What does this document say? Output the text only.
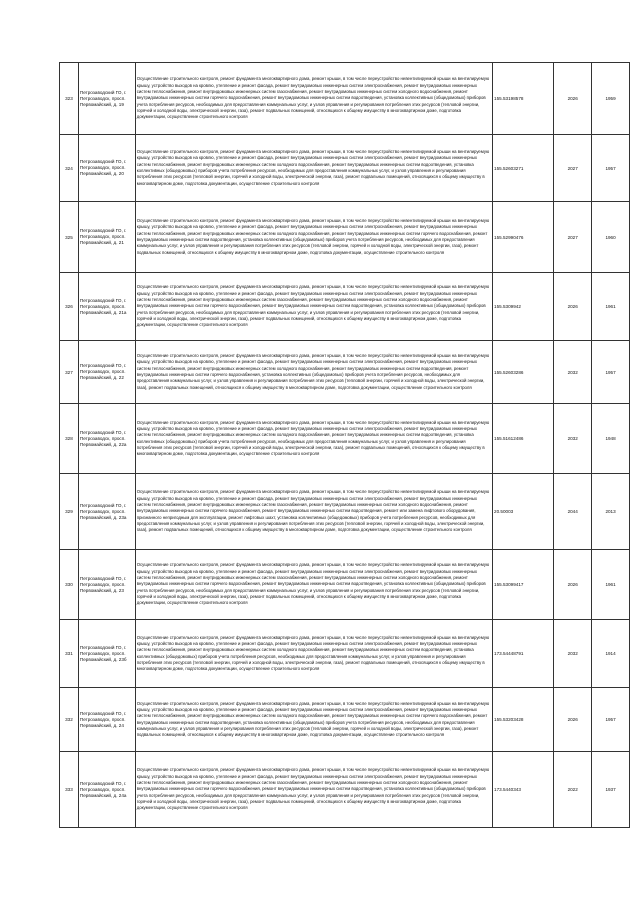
323	Петрозаводский ГО, г. Петрозаводск, просп. Первомайский, д. 19	Осуществление строительного контроля, ремонт фундамента многоквартирного дома, ремонт крыши, в том числе переустройство невентилируемой крыши на вентилируемую крышу, устройство выходов на кровлю, утепление и ремонт фасада, ремонт внутридомовых инженерных систем электроснабжения, ремонт внутридомовых инженерных систем теплоснабжения, ремонт внутридомовых инженерных систем газоснабжения, ремонт внутридомовых инженерных систем холодного водоснабжения, ремонт внутридомовых инженерных систем горячего водоснабжения, ремонт внутридомовых инженерных систем водоотведения, установка коллективных (общедомовых) приборов учета потребления ресурсов, необходимых для предоставления коммунальных услуг, и узлов управления и регулирования потребления этих ресурсов (тепловой энергии, горячей и холодной воды, электрической энергии, газа), ремонт подвальных помещений, относящихся к общему имуществу в многоквартирном доме, подготовка документации, осуществление строительного контроля	155.53198578	2026	1959
324	Петрозаводский ГО, г. Петрозаводск, просп. Первомайский, д. 20	Осуществление строительного контроля, ремонт фундамента многоквартирного дома, ремонт крыши, в том числе переустройство невентилируемой крыши на вентилируемую крышу, устройство выходов на кровлю, утепление и ремонт фасада, ремонт внутридомовых инженерных систем электроснабжения, ремонт внутридомовых инженерных систем теплоснабжения, ремонт внутридомовых инженерных систем холодного водоснабжения, ремонт внутридомовых инженерных систем водоотведения, установка коллективных (общедомовых) приборов учета потребления ресурсов, необходимых для предоставления коммунальных услуг, и узлов управления и регулирования потребления этих ресурсов (тепловой энергии, горячей и холодной воды, электрической энергии, газа), ремонт подвальных помещений, относящихся к общему имуществу в многоквартирном доме, подготовка документации, осуществление строительного контроля	155.52603271	2027	1957
325	Петрозаводский ГО, г. Петрозаводск, просп. Первомайский, д. 21	Осуществление строительного контроля, ремонт фундамента многоквартирного дома, ремонт крыши, в том числе переустройство невентилируемой крыши на вентилируемую крышу, устройство выходов на кровлю, утепление и ремонт фасада, ремонт внутридомовых инженерных систем электроснабжения, ремонт внутридомовых инженерных систем теплоснабжения, ремонт внутридомовых инженерных систем холодного водоснабжения, ремонт внутридомовых инженерных систем горячего водоснабжения, ремонт внутридомовых инженерных систем водоотведения, установка коллективных (общедомовых) приборов учета потребления ресурсов, необходимых для предоставления коммунальных услуг, и узлов управления и регулирования потребления этих ресурсов (тепловой энергии, горячей и холодной воды, электрической энергии, газа), ремонт подвальных помещений, относящихся к общему имуществу в многоквартирном доме, подготовка документации, осуществление строительного контроля	155.52990476	2027	1960
326	Петрозаводский ГО, г. Петрозаводск, просп. Первомайский, д. 21а	Осуществление строительного контроля, ремонт фундамента многоквартирного дома, ремонт крыши, в том числе переустройство невентилируемой крыши на вентилируемую крышу, устройство выходов на кровлю, утепление и ремонт фасада, ремонт внутридомовых инженерных систем электроснабжения, ремонт внутридомовых инженерных систем теплоснабжения, ремонт внутридомовых инженерных систем газоснабжения, ремонт внутридомовых инженерных систем холодного водоснабжения, ремонт внутридомовых инженерных систем горячего водоснабжения, ремонт внутридомовых инженерных систем водоотведения, установка коллективных (общедомовых) приборов учета потребления ресурсов, необходимых для предоставления коммунальных услуг, и узлов управления и регулирования потребления этих ресурсов (тепловой энергии, горячей и холодной воды, электрической энергии, газа), ремонт подвальных помещений, относящихся к общему имуществу в многоквартирном доме, подготовка документации, осуществление строительного контроля	155.5309942	2026	1961
327	Петрозаводский ГО, г. Петрозаводск, просп. Первомайский, д. 22	Осуществление строительного контроля, ремонт фундамента многоквартирного дома, ремонт крыши, в том числе переустройство невентилируемой крыши на вентилируемую крышу, устройство выходов на кровлю, утепление и ремонт фасада, ремонт внутридомовых инженерных систем электроснабжения, ремонт внутридомовых инженерных систем теплоснабжения, ремонт внутридомовых инженерных систем холодного водоснабжения, ремонт внутридомовых инженерных систем водоотведения, ремонт внутридомовых инженерных систем горячего водоснабжения, установка коллективных (общедомовых) приборов учета потребления ресурсов, необходимых для предоставления коммунальных услуг, и узлов управления и регулирования потребления этих ресурсов (тепловой энергии, горячей и холодной воды, электрической энергии, газа), ремонт подвальных помещений, относящихся к общему имуществу в многоквартирном доме, подготовка документации, осуществление строительного контроля	155.52603286	2032	1957
328	Петрозаводский ГО, г. Петрозаводск, просп. Первомайский, д. 22а	Осуществление строительного контроля, ремонт фундамента многоквартирного дома, ремонт крыши, в том числе переустройство невентилируемой крыши на вентилируемую крышу, устройство выходов на кровлю, утепление и ремонт фасада, ремонт внутридомовых инженерных систем электроснабжения, ремонт внутридомовых инженерных систем теплоснабжения, ремонт внутридомовых инженерных систем холодного водоснабжения, ремонт внутридомовых инженерных систем водоотведения, установка коллективных (общедомовых) приборов учета потребления ресурсов, необходимых для предоставления коммунальных услуг, и узлов управления и регулирования потребления этих ресурсов (тепловой энергии, горячей и холодной воды, электрической энергии, газа), ремонт подвальных помещений, относящихся к общему имуществу в многоквартирном доме, подготовка документации, осуществление строительного контроля	155.51612486	2032	1948
329	Петрозаводский ГО, г. Петрозаводск, просп. Первомайский, д. 23а	Осуществление строительного контроля, ремонт фундамента многоквартирного дома, ремонт крыши, в том числе переустройство невентилируемой крыши на вентилируемую крышу, устройство выходов на кровлю, утепление и ремонт фасада, ремонт внутридомовых инженерных систем электроснабжения, ремонт внутридомовых инженерных систем теплоснабжения, ремонт внутридомовых инженерных систем газоснабжения, ремонт внутридомовых инженерных систем холодного водоснабжения, ремонт внутридомовых инженерных систем горячего водоснабжения, ремонт внутридомовых инженерных систем водоотведения, ремонт или замена лифтового оборудования, признанного непригодным для эксплуатации, ремонт лифтовых шахт, установка коллективных (общедомовых) приборов учета потребления ресурсов, необходимых для предоставления коммунальных услуг, и узлов управления и регулирования потребления этих ресурсов (тепловой энергии, горячей и холодной воды, электрической энергии, газа), ремонт подвальных помещений, относящихся к общему имуществу в многоквартирном доме, подготовка документации, осуществление строительного контроля	20.50003	2044	2013
330	Петрозаводский ГО, г. Петрозаводск, просп. Первомайский, д. 23	Осуществление строительного контроля, ремонт фундамента многоквартирного дома, ремонт крыши, в том числе переустройство невентилируемой крыши на вентилируемую крышу, устройство выходов на кровлю, утепление и ремонт фасада, ремонт внутридомовых инженерных систем электроснабжения, ремонт внутридомовых инженерных систем теплоснабжения, ремонт внутридомовых инженерных систем газоснабжения, ремонт внутридомовых инженерных систем холодного водоснабжения, ремонт внутридомовых инженерных систем горячего водоснабжения, ремонт внутридомовых инженерных систем водоотведения, установка коллективных (общедомовых) приборов учета потребления ресурсов, необходимых для предоставления коммунальных услуг, и узлов управления и регулирования потребления этих ресурсов (тепловой энергии, горячей и холодной воды, электрической энергии, газа), ремонт подвальных помещений, относящихся к общему имуществу в многоквартирном доме, подготовка документации, осуществление строительного контроля	155.53099417	2026	1961
331	Петрозаводский ГО, г. Петрозаводск, просп. Первомайский, д. 23б	Осуществление строительного контроля, ремонт фундамента многоквартирного дома, ремонт крыши, в том числе переустройство невентилируемой крыши на вентилируемую крышу, устройство выходов на кровлю, утепление и ремонт фасада, ремонт внутридомовых инженерных систем электроснабжения, ремонт внутридомовых инженерных систем теплоснабжения, ремонт внутридомовых инженерных систем холодного водоснабжения, ремонт внутридомовых инженерных систем водоотведения, установка коллективных (общедомовых) приборов учета потребления ресурсов, необходимых для предоставления коммунальных услуг, и узлов управления и регулирования потребления этих ресурсов (тепловой энергии, горячей и холодной воды, электрической энергии, газа), ремонт подвальных помещений, относящихся к общему имуществу в многоквартирном доме, подготовка документации, осуществление строительного контроля	173.54448791	2032	1914
332	Петрозаводский ГО, г. Петрозаводск, просп. Первомайский, д. 24	Осуществление строительного контроля, ремонт фундамента многоквартирного дома, ремонт крыши, в том числе переустройство невентилируемой крыши на вентилируемую крышу, устройство выходов на кровлю, утепление и ремонт фасада, ремонт внутридомовых инженерных систем электроснабжения, ремонт внутридомовых инженерных систем теплоснабжения, ремонт внутридомовых инженерных систем холодного водоснабжения, ремонт внутридомовых инженерных систем горячего водоснабжения, ремонт внутридомовых инженерных систем водоотведения, установка коллективных (общедомовых) приборов учета потребления ресурсов, необходимых для предоставления коммунальных услуг, и узлов управления и регулирования потребления этих ресурсов (тепловой энергии, горячей и холодной воды, электрической энергии, газа), ремонт подвальных помещений, относящихся к общему имуществу в многоквартирном доме, подготовка документации, осуществление строительного контроля	155.53203428	2026	1957
333	Петрозаводский ГО, г. Петрозаводск, просп. Первомайский, д. 24а	Осуществление строительного контроля, ремонт фундамента многоквартирного дома, ремонт крыши, в том числе переустройство невентилируемой крыши на вентилируемую крышу, устройство выходов на кровлю, утепление и ремонт фасада, ремонт внутридомовых инженерных систем электроснабжения, ремонт внутридомовых инженерных систем теплоснабжения, ремонт внутридомовых инженерных систем газоснабжения, ремонт внутридомовых инженерных систем холодного водоснабжения, ремонт внутридомовых инженерных систем горячего водоснабжения, ремонт внутридомовых инженерных систем водоотведения, установка коллективных (общедомовых) приборов учета потребления ресурсов, необходимых для предоставления коммунальных услуг, и узлов управления и регулирования потребления этих ресурсов (тепловой энергии, горячей и холодной воды, электрической энергии, газа), ремонт подвальных помещений, относящихся к общему имуществу в многоквартирном доме, подготовка документации, осуществление строительного контроля	173.5440343	2022	1937
